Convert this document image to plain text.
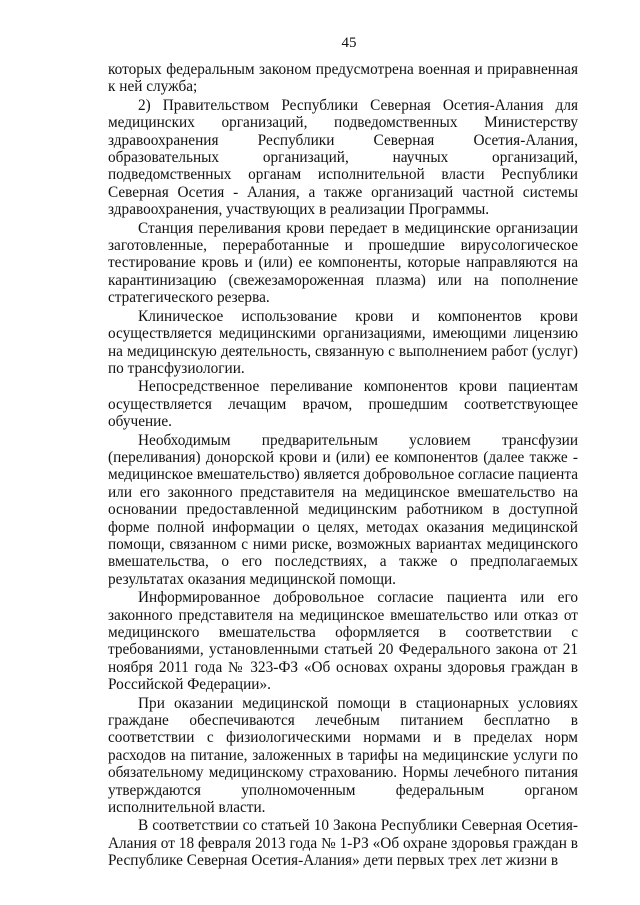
45

которых федеральным законом предусмотрена военная и приравненная к ней служба;

2) Правительством Республики Северная Осетия-Алания для медицинских организаций, подведомственных Министерству здравоохранения Республики Северная Осетия-Алания, образовательных организаций, научных организаций, подведомственных органам исполнительной власти Республики Северная Осетия - Алания, а также организаций частной системы здравоохранения, участвующих в реализации Программы.

Станция переливания крови передает в медицинские организации заготовленные, переработанные и прошедшие вирусологическое тестирование кровь и (или) ее компоненты, которые направляются на карантинизацию (свежезамороженная плазма) или на пополнение стратегического резерва.

Клиническое использование крови и компонентов крови осуществляется медицинскими организациями, имеющими лицензию на медицинскую деятельность, связанную с выполнением работ (услуг) по трансфузиологии.

Непосредственное переливание компонентов крови пациентам осуществляется лечащим врачом, прошедшим соответствующее обучение.

Необходимым предварительным условием трансфузии (переливания) донорской крови и (или) ее компонентов (далее также - медицинское вмешательство) является добровольное согласие пациента или его законного представителя на медицинское вмешательство на основании предоставленной медицинским работником в доступной форме полной информации о целях, методах оказания медицинской помощи, связанном с ними риске, возможных вариантах медицинского вмешательства, о его последствиях, а также о предполагаемых результатах оказания медицинской помощи.

Информированное добровольное согласие пациента или его законного представителя на медицинское вмешательство или отказ от медицинского вмешательства оформляется в соответствии с требованиями, установленными статьей 20 Федерального закона от 21 ноября 2011 года № 323-ФЗ «Об основах охраны здоровья граждан в Российской Федерации».

При оказании медицинской помощи в стационарных условиях граждане обеспечиваются лечебным питанием бесплатно в соответствии с физиологическими нормами и в пределах норм расходов на питание, заложенных в тарифы на медицинские услуги по обязательному медицинскому страхованию. Нормы лечебного питания утверждаются уполномоченным федеральным органом исполнительной власти.

В соответствии со статьей 10 Закона Республики Северная Осетия-Алания от 18 февраля 2013 года № 1-РЗ «Об охране здоровья граждан в Республике Северная Осетия-Алания» дети первых трех лет жизни в
